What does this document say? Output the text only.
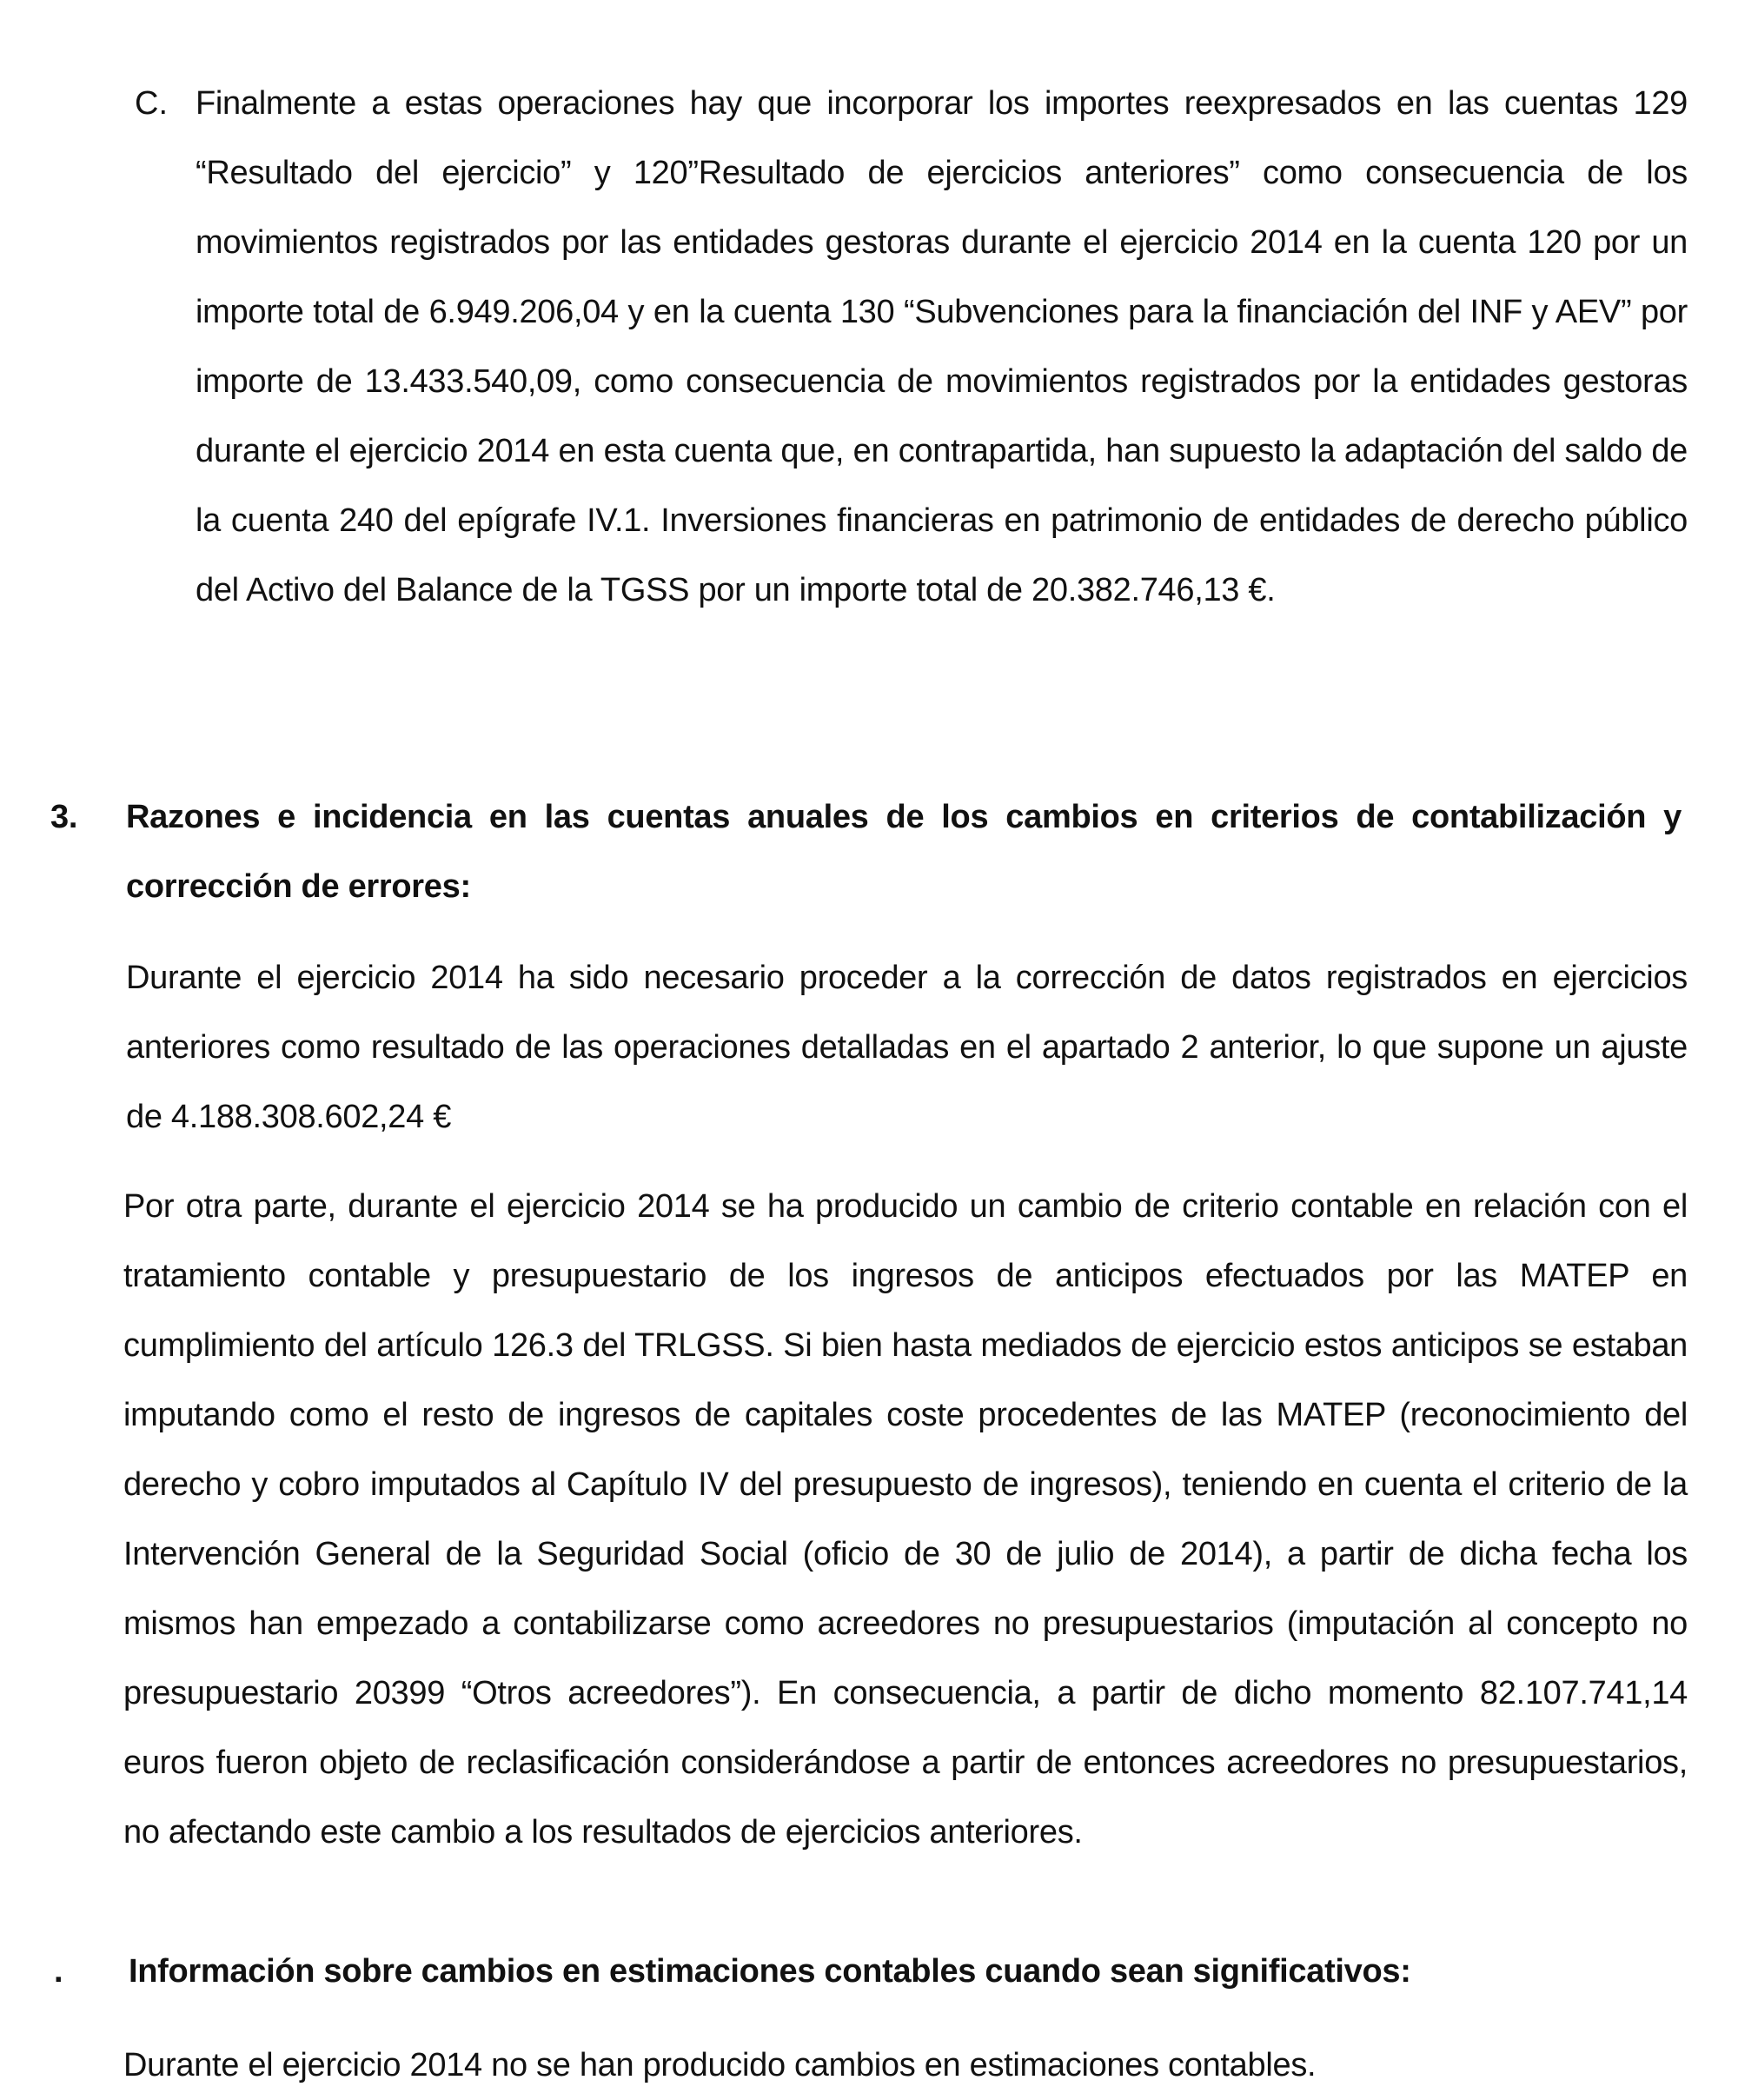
C. Finalmente a estas operaciones hay que incorporar los importes reexpresados en las cuentas 129 “Resultado del ejercicio” y 120”Resultado de ejercicios anteriores” como consecuencia de los movimientos registrados por las entidades gestoras durante el ejercicio 2014 en la cuenta 120 por un importe total de 6.949.206,04 y en la cuenta 130 “Subvenciones para la financiación del INF y AEV” por importe de 13.433.540,09, como consecuencia de movimientos registrados por la entidades gestoras durante el ejercicio 2014 en esta cuenta que, en contrapartida, han supuesto la adaptación del saldo de la cuenta 240 del epígrafe IV.1. Inversiones financieras en patrimonio de entidades de derecho público del Activo del Balance de la TGSS por un importe total de 20.382.746,13 €.

3. Razones e incidencia en las cuentas anuales de los cambios en criterios de contabilización y corrección de errores:

Durante el ejercicio 2014 ha sido necesario proceder a la corrección de datos registrados en ejercicios anteriores como resultado de las operaciones detalladas en el apartado 2 anterior, lo que supone un ajuste de 4.188.308.602,24 €

Por otra parte, durante el ejercicio 2014 se ha producido un cambio de criterio contable en relación con el tratamiento contable y presupuestario de los ingresos de anticipos efectuados por las MATEP en cumplimiento del artículo 126.3 del TRLGSS. Si bien hasta mediados de ejercicio estos anticipos se estaban imputando como el resto de ingresos de capitales coste procedentes de las MATEP (reconocimiento del derecho y cobro imputados al Capítulo IV del presupuesto de ingresos), teniendo en cuenta el criterio de la Intervención General de la Seguridad Social (oficio de 30 de julio de 2014), a partir de dicha fecha los mismos han empezado a contabilizarse como acreedores no presupuestarios (imputación al concepto no presupuestario 20399 “Otros acreedores”). En consecuencia, a partir de dicho momento 82.107.741,14 euros fueron objeto de reclasificación considerándose a partir de entonces acreedores no presupuestarios, no afectando este cambio a los resultados de ejercicios anteriores.

. Información sobre cambios en estimaciones contables cuando sean significativos:

Durante el ejercicio 2014 no se han producido cambios en estimaciones contables.
